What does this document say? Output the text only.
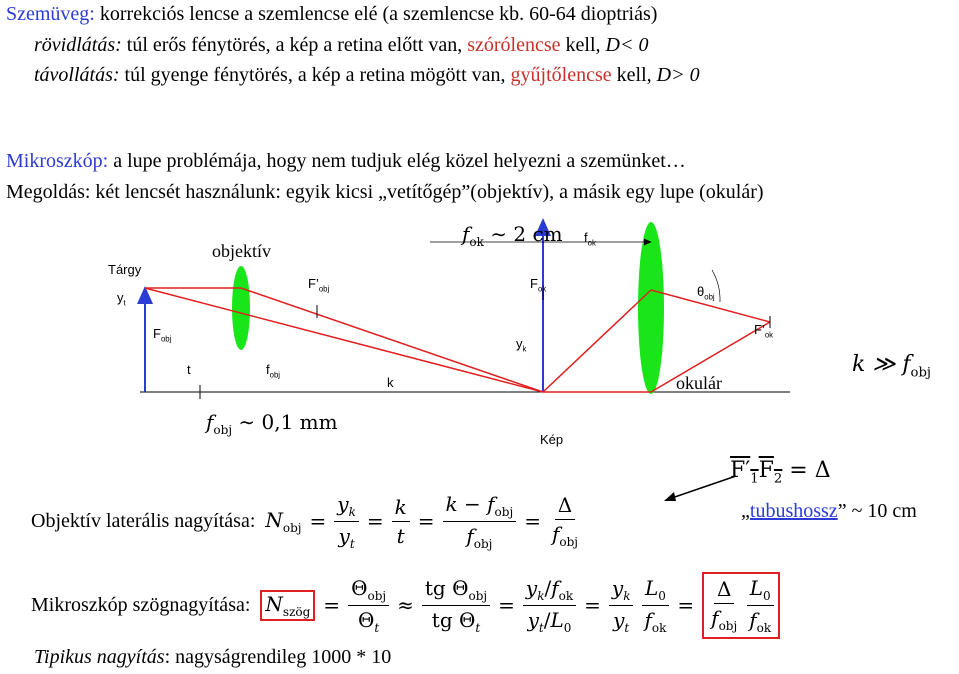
Szemüveg: korrekciós lencse a szemlencse elé (a szemlencse kb. 60-64 dioptriás)
rövidlátás: túl erős fénytörés, a kép a retina előtt van, szórólencse kell, D< 0
távollátás: túl gyenge fénytörés, a kép a retina mögött van, gyűjtőlencse kell, D> 0
Mikroszkóp: a lupe problémája, hogy nem tudjuk elég közel helyezni a szemünket…
Megoldás: két lencsét használunk: egyik kicsi „vetítőgép”(objektív), a másik egy lupe (okulár)
objektív
okulár
Tárgy
Kép
$y_t$
$y_k$
$F_{obj}$
$F’_{obj}$
t	$f_{obj}$	k
$F_{ok}$
$F’_{ok}$
$f_{ok}$
$\theta_{obj}$
$f_{ok}$ ∼ 2 cm
$f_{obj}$ ∼ 0,1 mm
k ≫ $f_{obj}$
$F'_1F_2 = \Delta$
„tubushossz” ~ 10 cm
Objektív laterális nagyítása: $N_{obj} = \frac{y_k}{y_t} = \frac{k}{t} = \frac{k - f_{obj}}{f_{obj}} = \frac{\Delta}{f_{obj}}$
Mikroszkóp szögnagyítása: $N_{szög} = \frac{\Theta_{obj}}{\Theta_t} \approx \frac{tg \Theta_{obj}}{tg \Theta_t} = \frac{y_k/f_{ok}}{y_t/L_0} = \frac{y_k}{y_t} \frac{L_0}{f_{ok}} = \frac{\Delta}{f_{obj}} \frac{L_0}{f_{ok}}$
Tipikus nagyítás: nagyságrendileg 1000 * 10
